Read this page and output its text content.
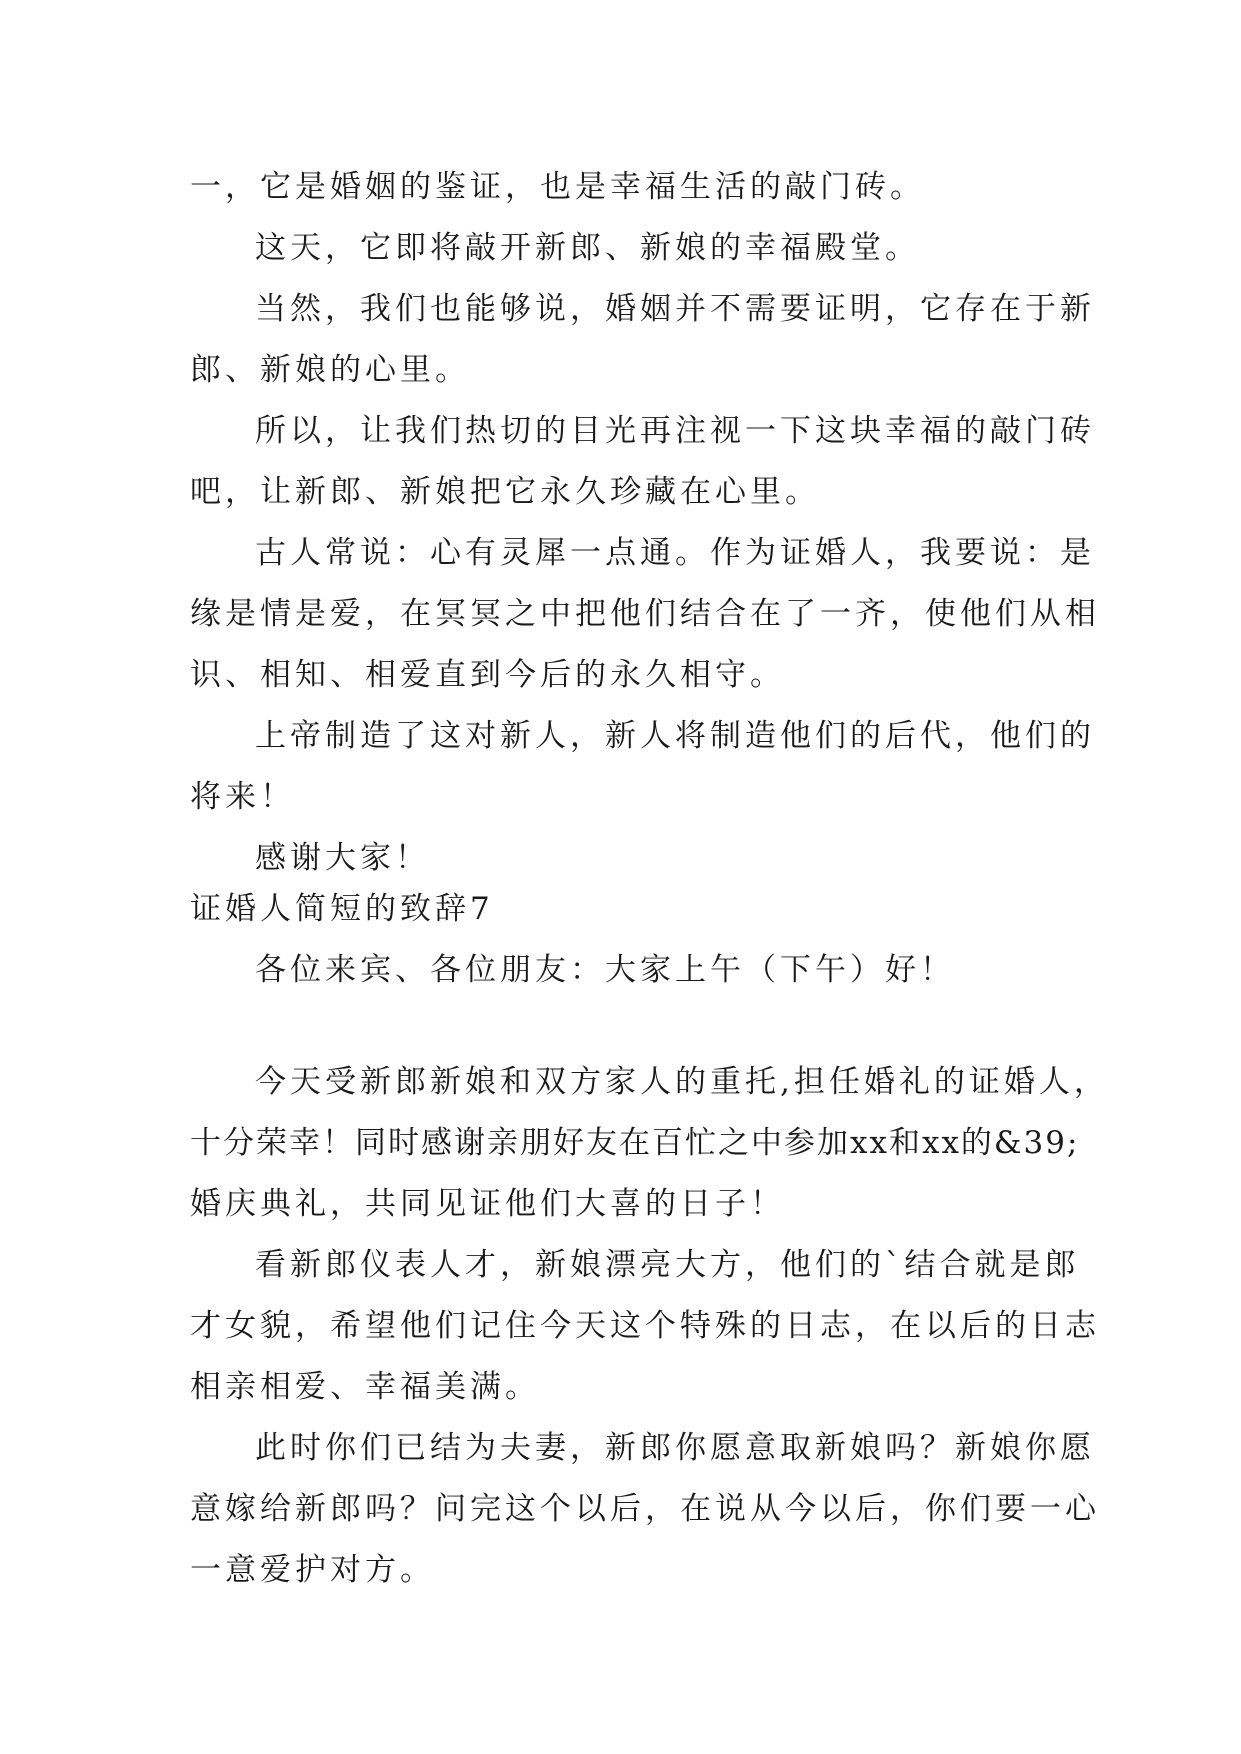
一，它是婚姻的鉴证，也是幸福生活的敲门砖。
这天，它即将敲开新郎、新娘的幸福殿堂。
当然，我们也能够说，婚姻并不需要证明，它存在于新
郎、新娘的心里。
所以，让我们热切的目光再注视一下这块幸福的敲门砖
吧，让新郎、新娘把它永久珍藏在心里。
古人常说：心有灵犀一点通。作为证婚人，我要说：是
缘是情是爱，在冥冥之中把他们结合在了一齐，使他们从相
识、相知、相爱直到今后的永久相守。
上帝制造了这对新人，新人将制造他们的后代，他们的
将来！
感谢大家！
证婚人简短的致辞7
各位来宾、各位朋友：大家上午（下午）好！
今天受新郎新娘和双方家人的重托,担任婚礼的证婚人，
十分荣幸！同时感谢亲朋好友在百忙之中参加xx和xx的&39;
婚庆典礼，共同见证他们大喜的日子！
看新郎仪表人才，新娘漂亮大方，他们的`结合就是郎
才女貌，希望他们记住今天这个特殊的日志，在以后的日志
相亲相爱、幸福美满。
此时你们已结为夫妻，新郎你愿意取新娘吗？新娘你愿
意嫁给新郎吗？问完这个以后，在说从今以后，你们要一心
一意爱护对方。
